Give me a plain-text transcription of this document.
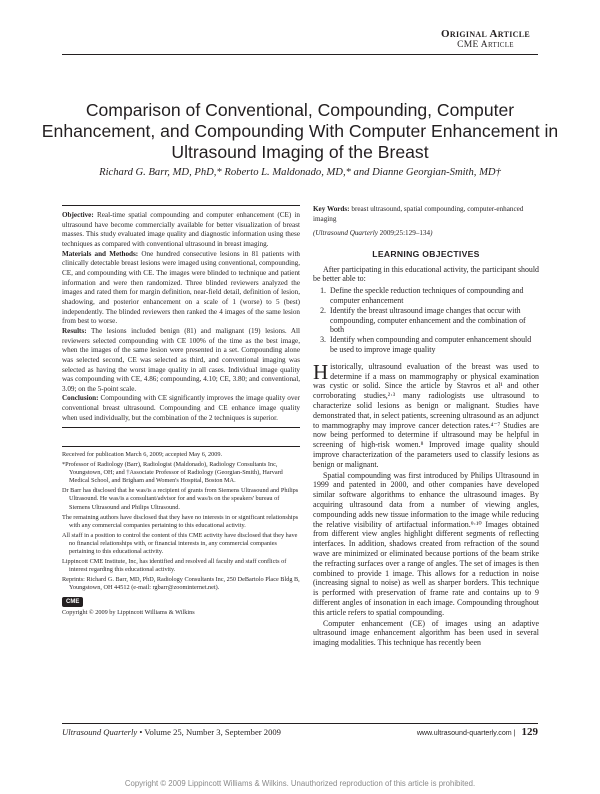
Original Article
CME Article
Comparison of Conventional, Compounding, Computer Enhancement, and Compounding With Computer Enhancement in Ultrasound Imaging of the Breast
Richard G. Barr, MD, PhD,* Roberto L. Maldonado, MD,* and Dianne Georgian-Smith, MD†

Objective: Real-time spatial compounding and computer enhancement (CE) in ultrasound have become commercially available for better visualization of breast masses. This study evaluated image quality and diagnostic information using these techniques as compared with conventional ultrasound in breast imaging.

Materials and Methods: One hundred consecutive lesions in 81 patients with clinically detectable breast lesions were imaged using conventional, compounding, CE, and compounding with CE. The images were blinded to technique and patient information and were then randomized. Three blinded reviewers analyzed the images and rated them for margin definition, near-field detail, definition of lesion, shadowing, and posterior enhancement on a scale of 1 (worse) to 5 (best) independently. The blinded reviewers then ranked the 4 images of the same lesion from best to worse.

Results: The lesions included benign (81) and malignant (19) lesions. All reviewers selected compounding with CE 100% of the time as the best image, when the images of the same lesion were presented in a set. Compounding alone was selected second, CE was selected as third, and conventional imaging was selected as having the worst image quality in all cases. Individual image quality was compounding with CE, 4.86; compounding, 4.10; CE, 3.80; and conventional, 3.09; on the 5-point scale.

Conclusion: Compounding with CE significantly improves the image quality over conventional breast ultrasound. Compounding and CE enhance image quality when used individually, but the combination of the 2 techniques is superior.

Key Words: breast ultrasound, spatial compounding, computer-enhanced imaging

(Ultrasound Quarterly 2009;25:129–134)

LEARNING OBJECTIVES

After participating in this educational activity, the participant should be better able to:

1. Define the speckle reduction techniques of compounding and computer enhancement
2. Identify the breast ultrasound image changes that occur with compounding, computer enhancement and the combination of both
3. Identify when compounding and computer enhancement should be used to improve image quality

Historically, ultrasound evaluation of the breast was used to determine if a mass on mammography or physical examination was cystic or solid. Since the article by Stavros et al¹ and other corroborating studies,²·³ many radiologists use ultrasound to characterize solid lesions as benign or malignant. Studies have demonstrated that, in select patients, screening ultrasound as an adjunct to mammography may improve cancer detection rates.⁴⁻⁷ Studies are now being performed to determine if ultrasound may be helpful in screening of high-risk women.⁸ Improved image quality should improve characterization of the parameters used to classify lesions as benign or malignant.

Spatial compounding was first introduced by Philips Ultrasound in 1999 and patented in 2000, and other companies have developed similar software algorithms to enhance the ultrasound images. By acquiring ultrasound data from a number of viewing angles, compounding adds new tissue information to the image while reducing the relative visibility of artifactual information.⁹·¹⁰ Images obtained from different view angles highlight different segments of reflecting interfaces. In addition, shadows created from refraction of the sound wave are minimized or eliminated because portions of the beam strike the refracting surfaces over a range of angles. The set of images is then combined to provide 1 image. This allows for a reduction in noise (increasing signal to noise) as well as sharper borders. This technique is performed with preservation of frame rate and contains up to 9 different angles of insonation in each image. Compounding throughout this article refers to spatial compounding.

Computer enhancement (CE) of images using an adaptive ultrasound image enhancement algorithm has been used in several imaging modalities. This technique has recently been

Received for publication March 6, 2009; accepted May 6, 2009.

*Professor of Radiology (Barr), Radiologist (Maldonado), Radiology Consultants Inc, Youngstown, OH; and †Associate Professor of Radiology (Georgian-Smith), Harvard Medical School, and Brigham and Women's Hospital, Boston MA.

Dr Barr has disclosed that he was/is a recipient of grants from Siemens Ultrasound and Philips Ultrasound. He was/is a consultant/advisor for and was/is on the speakers' bureau of Siemens Ultrasound and Philips Ultrasound.

The remaining authors have disclosed that they have no interests in or significant relationships with any commercial companies pertaining to this educational activity.

All staff in a position to control the content of this CME activity have disclosed that they have no financial relationships with, or financial interests in, any commercial companies pertaining to this educational activity.

Lippincott CME Institute, Inc, has identified and resolved all faculty and staff conflicts of interest regarding this educational activity.

Reprints: Richard G. Barr, MD, PhD, Radiology Consultants Inc, 250 DeBartolo Place Bldg B, Youngstown, OH 44512 (e-mail: rgbarr@zoominternet.net).

CME
Copyright © 2009 by Lippincott Williams & Wilkins
Ultrasound Quarterly • Volume 25, Number 3, September 2009	www.ultrasound-quarterly.com | 129
Copyright © 2009 Lippincott Williams & Wilkins. Unauthorized reproduction of this article is prohibited.
